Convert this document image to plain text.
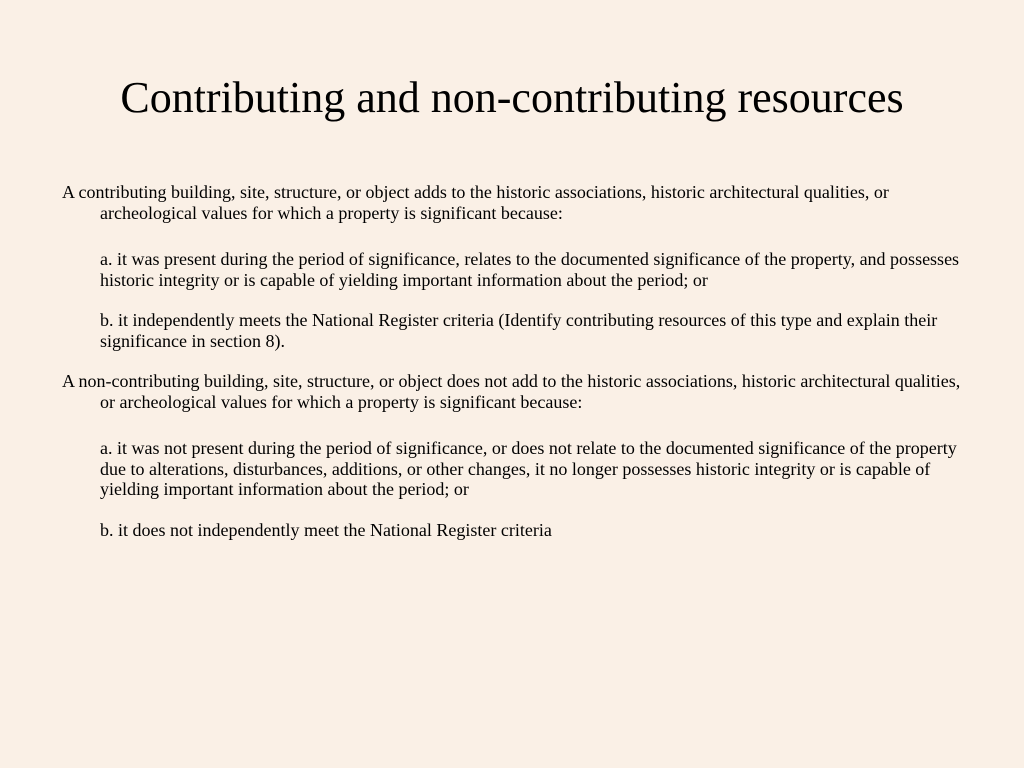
Contributing and non-contributing resources

A contributing building, site, structure, or object adds to the historic associations, historic architectural qualities, or archeological values for which a property is significant because:

a. it was present during the period of significance, relates to the documented significance of the property, and possesses historic integrity or is capable of yielding important information about the period; or

b. it independently meets the National Register criteria (Identify contributing resources of this type and explain their significance in section 8).

A non-contributing building, site, structure, or object does not add to the historic associations, historic architectural qualities, or archeological values for which a property is significant because:

a. it was not present during the period of significance, or does not relate to the documented significance of the property due to alterations, disturbances, additions, or other changes, it no longer possesses historic integrity or is capable of yielding important information about the period; or

b. it does not independently meet the National Register criteria
